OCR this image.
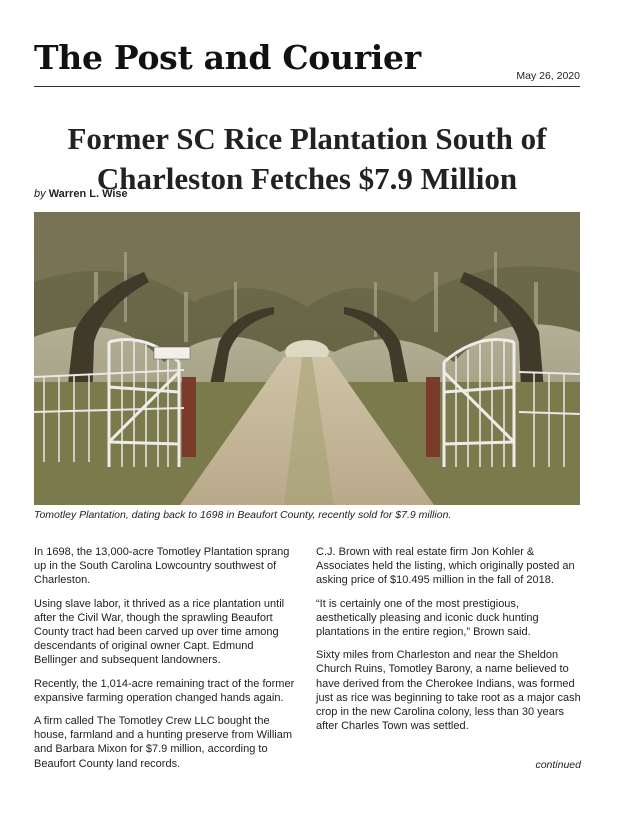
The Post and Courier	May 26, 2020
Former SC Rice Plantation South of Charleston Fetches $7.9 Million
by Warren L. Wise
Tomotley Plantation, dating back to 1698 in Beaufort County, recently sold for $7.9 million.

In 1698, the 13,000-acre Tomotley Plantation sprang up in the South Carolina Lowcountry southwest of Charleston.

Using slave labor, it thrived as a rice plantation until after the Civil War, though the sprawling Beaufort County tract had been carved up over time among descendants of original owner Capt. Edmund Bellinger and subsequent landowners.

Recently, the 1,014-acre remaining tract of the former expansive farming operation changed hands again.

A firm called The Tomotley Crew LLC bought the house, farmland and a hunting preserve from William and Barbara Mixon for $7.9 million, according to Beaufort County land records.

C.J. Brown with real estate firm Jon Kohler & Associates held the listing, which originally posted an asking price of $10.495 million in the fall of 2018.

“It is certainly one of the most prestigious, aesthetically pleasing and iconic duck hunting plantations in the entire region,” Brown said.

Sixty miles from Charleston and near the Sheldon Church Ruins, Tomotley Barony, a name believed to have derived from the Cherokee Indians, was formed just as rice was beginning to take root as a major cash crop in the new Carolina colony, less than 30 years after Charles Town was settled.

continued
